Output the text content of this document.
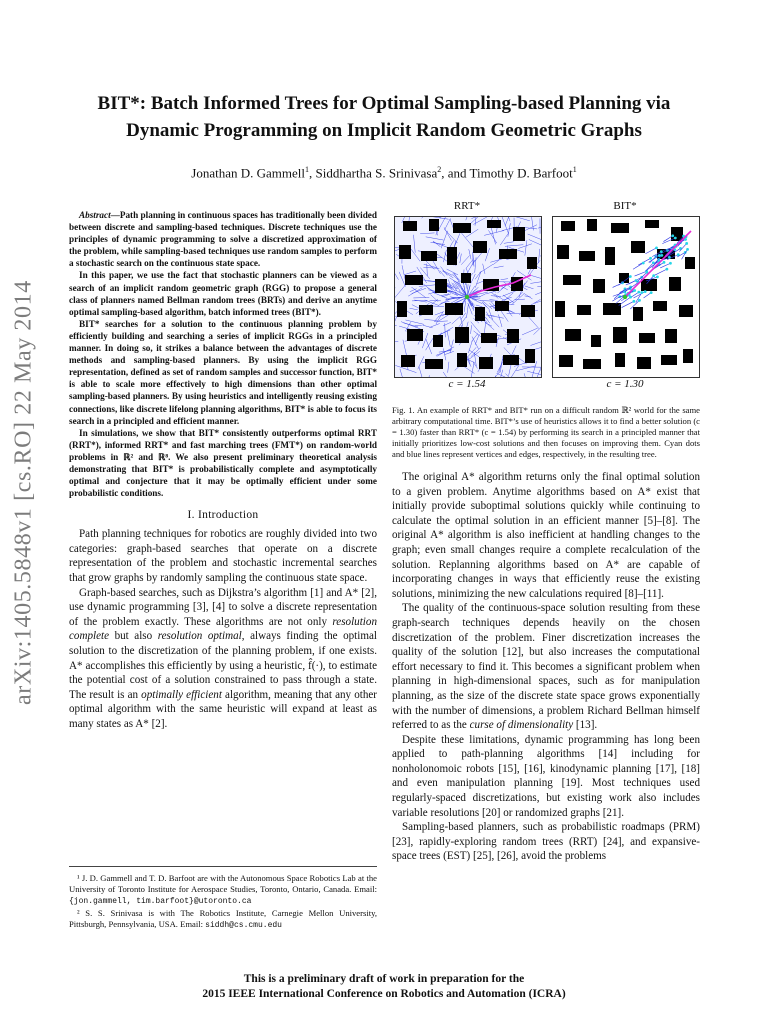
arXiv:1405.5848v1 [cs.RO] 22 May 2014
BIT*: Batch Informed Trees for Optimal Sampling-based Planning via
Dynamic Programming on Implicit Random Geometric Graphs
Jonathan D. Gammell$^1$, Siddhartha S. Srinivasa$^2$, and Timothy D. Barfoot$^1$

Abstract—Path planning in continuous spaces has traditionally been divided between discrete and sampling-based techniques. Discrete techniques use the principles of dynamic programming to solve a discretized approximation of the problem, while sampling-based techniques use random samples to perform a stochastic search on the continuous state space.

In this paper, we use the fact that stochastic planners can be viewed as a search of an implicit random geometric graph (RGG) to propose a general class of planners named Bellman random trees (BRTs) and derive an anytime optimal sampling-based algorithm, batch informed trees (BIT*).

BIT* searches for a solution to the continuous planning problem by efficiently building and searching a series of implicit RGGs in a principled manner. In doing so, it strikes a balance between the advantages of discrete methods and sampling-based planners. By using the implicit RGG representation, defined as set of random samples and successor function, BIT* is able to scale more effectively to high dimensions than other optimal sampling-based planners. By using heuristics and intelligently reusing existing connections, like discrete lifelong planning algorithms, BIT* is able to focus its search in a principled and efficient manner.

In simulations, we show that BIT* consistently outperforms optimal RRT (RRT*), informed RRT* and fast marching trees (FMT*) on random-world problems in ℝ² and ℝ⁸. We also present preliminary theoretical analysis demonstrating that BIT* is probabilistically complete and asymptotically optimal and conjecture that it may be optimally efficient under some probabilistic conditions.

I. Introduction

Path planning techniques for robotics are roughly divided into two categories: graph-based searches that operate on a discrete representation of the problem and stochastic incremental searches that grow graphs by randomly sampling the continuous state space.

Graph-based searches, such as Dijkstra’s algorithm [1] and A* [2], use dynamic programming [3], [4] to solve a discrete representation of the problem exactly. These algorithms are not only resolution complete but also resolution optimal, always finding the optimal solution to the discretization of the planning problem, if one exists. A* accomplishes this efficiently by using a heuristic, f̂(·), to estimate the potential cost of a solution constrained to pass through a state. The result is an optimally efficient algorithm, meaning that any other optimal algorithm with the same heuristic will expand at least as many states as A* [2].

¹ J. D. Gammell and T. D. Barfoot are with the Autonomous Space Robotics Lab at the University of Toronto Institute for Aerospace Studies, Toronto, Ontario, Canada. Email: {jon.gammell, tim.barfoot}@utoronto.ca

² S. S. Srinivasa is with The Robotics Institute, Carnegie Mellon University, Pittsburgh, Pennsylvania, USA. Email: siddh@cs.cmu.edu

RRT*	BIT*
c = 1.54	c = 1.30
Fig. 1. An example of RRT* and BIT* run on a difficult random ℝ² world for the same arbitrary computational time. BIT*’s use of heuristics allows it to find a better solution (c = 1.30) faster than RRT* (c = 1.54) by performing its search in a principled manner that initially prioritizes low-cost solutions and then focuses on improving them. Cyan dots and blue lines represent vertices and edges, respectively, in the resulting tree.

The original A* algorithm returns only the final optimal solution to a given problem. Anytime algorithms based on A* exist that initially provide suboptimal solutions quickly while continuing to calculate the optimal solution in an efficient manner [5]–[8]. The original A* algorithm is also inefficient at handling changes to the graph; even small changes require a complete recalculation of the solution. Replanning algorithms based on A* are capable of incorporating changes in ways that efficiently reuse the existing solutions, minimizing the new calculations required [8]–[11].

The quality of the continuous-space solution resulting from these graph-search techniques depends heavily on the chosen discretization of the problem. Finer discretization increases the quality of the solution [12], but also increases the computational effort necessary to find it. This becomes a significant problem when planning in high-dimensional spaces, such as for manipulation planning, as the size of the discrete state space grows exponentially with the number of dimensions, a problem Richard Bellman himself referred to as the curse of dimensionality [13].

Despite these limitations, dynamic programming has long been applied to path-planning algorithms [14] including for nonholonomoic robots [15], [16], kinodynamic planning [17], [18] and even manipulation planning [19]. Most techniques used regularly-spaced discretizations, but existing work also includes variable resolutions [20] or randomized graphs [21].

Sampling-based planners, such as probabilistic roadmaps (PRM) [23], rapidly-exploring random trees (RRT) [24], and expansive-space trees (EST) [25], [26], avoid the problems

This is a preliminary draft of work in preparation for the
2015 IEEE International Conference on Robotics and Automation (ICRA)
